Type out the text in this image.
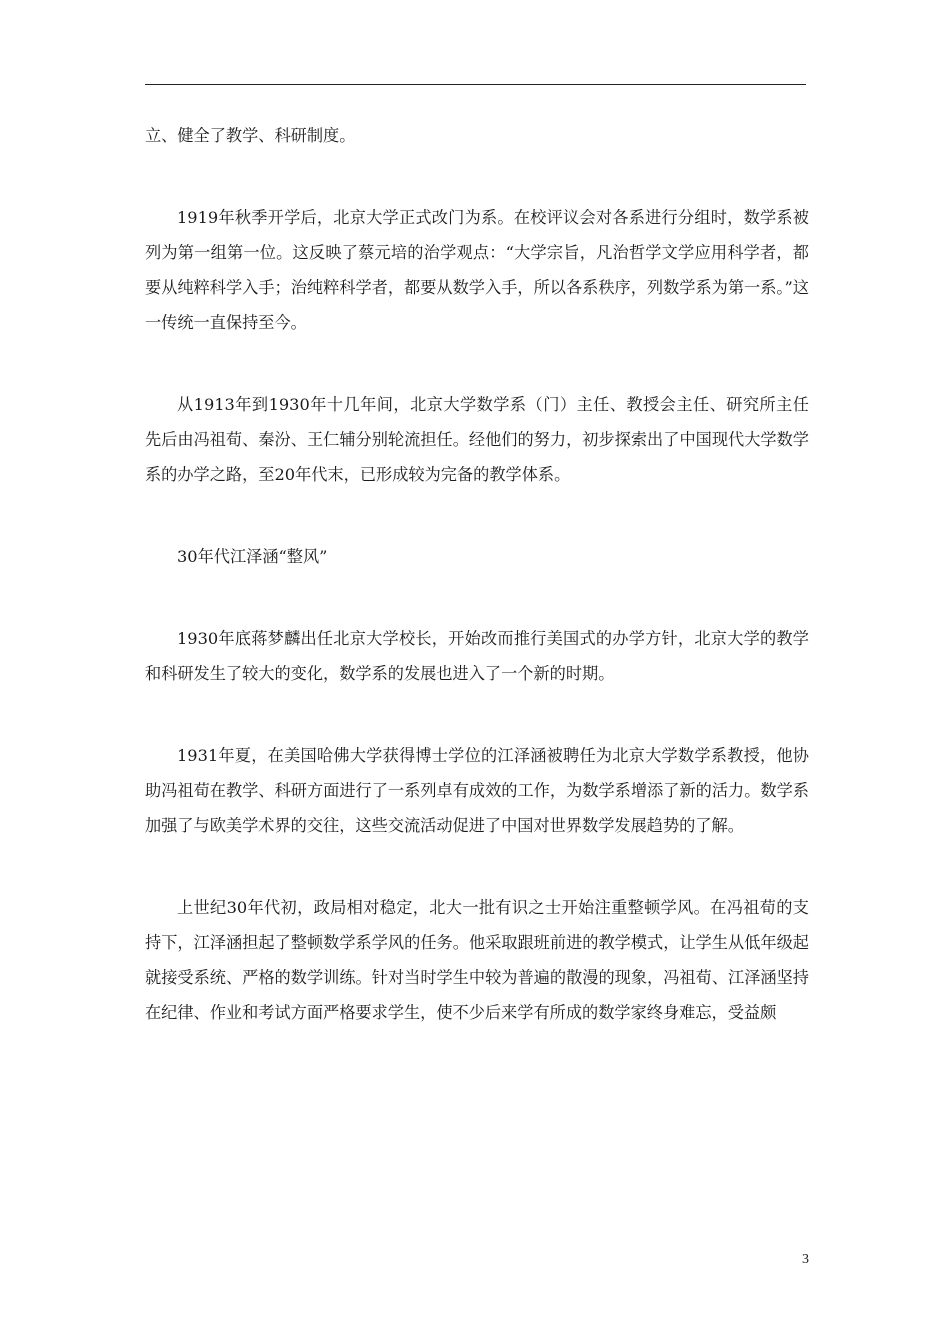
立、健全了教学、科研制度。

1919年秋季开学后，北京大学正式改门为系。在校评议会对各系进行分组时，数学系被列为第一组第一位。这反映了蔡元培的治学观点：“大学宗旨，凡治哲学文学应用科学者，都要从纯粹科学入手；治纯粹科学者，都要从数学入手，所以各系秩序，列数学系为第一系。”这一传统一直保持至今。

从1913年到1930年十几年间，北京大学数学系（门）主任、教授会主任、研究所主任先后由冯祖荀、秦汾、王仁辅分别轮流担任。经他们的努力，初步探索出了中国现代大学数学系的办学之路，至20年代末，已形成较为完备的教学体系。

30年代江泽涵“整风”

1930年底蒋梦麟出任北京大学校长，开始改而推行美国式的办学方针，北京大学的教学和科研发生了较大的变化，数学系的发展也进入了一个新的时期。

1931年夏，在美国哈佛大学获得博士学位的江泽涵被聘任为北京大学数学系教授，他协助冯祖荀在教学、科研方面进行了一系列卓有成效的工作，为数学系增添了新的活力。数学系加强了与欧美学术界的交往，这些交流活动促进了中国对世界数学发展趋势的了解。

上世纪30年代初，政局相对稳定，北大一批有识之士开始注重整顿学风。在冯祖荀的支持下，江泽涵担起了整顿数学系学风的任务。他采取跟班前进的教学模式，让学生从低年级起就接受系统、严格的数学训练。针对当时学生中较为普遍的散漫的现象，冯祖荀、江泽涵坚持在纪律、作业和考试方面严格要求学生，使不少后来学有所成的数学家终身难忘，受益颇

3
